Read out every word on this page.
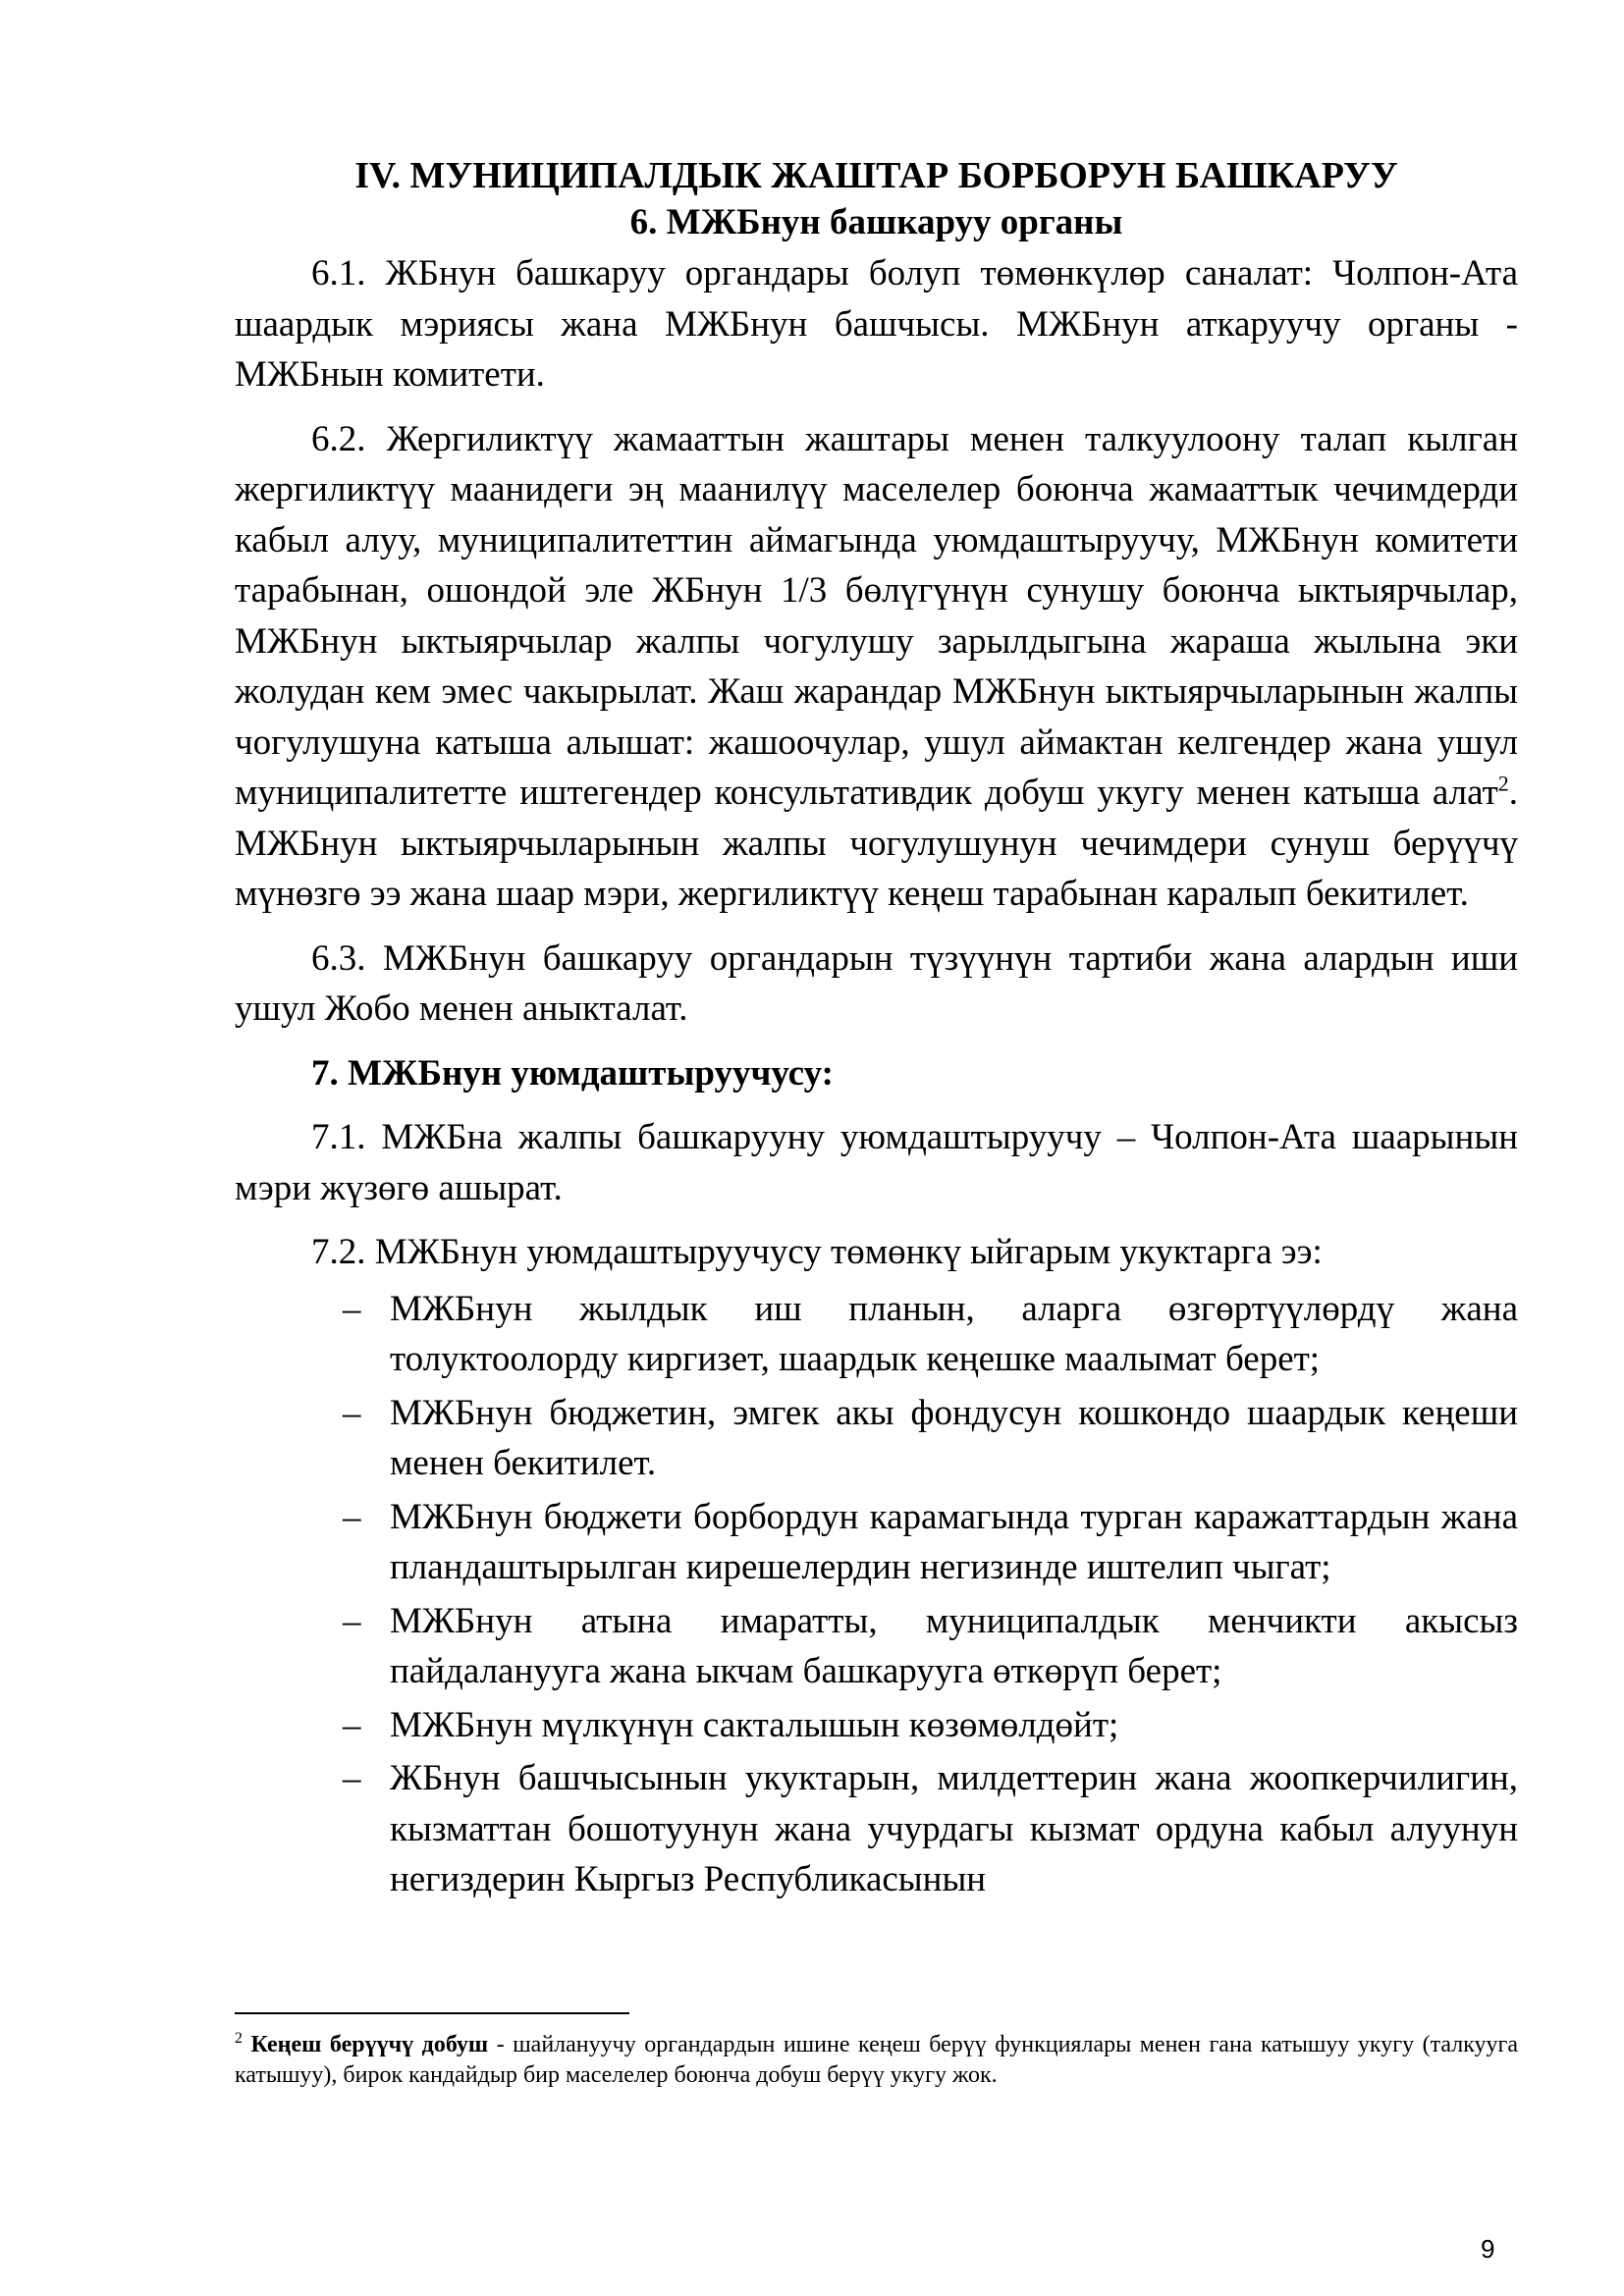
IV. МУНИЦИПАЛДЫК ЖАШТАР БОРБОРУН БАШКАРУУ
6. МЖБнун башкаруу органы

6.1. ЖБнун башкаруу органдары болуп төмөнкүлөр саналат: Чолпон-Ата шаардык мэриясы жана МЖБнун башчысы. МЖБнун аткаруучу органы - МЖБнын комитети.

6.2. Жергиликтүү жамааттын жаштары менен талкуулоону талап кылган жергиликтүү маанидеги эң маанилүү маселелер боюнча жамааттык чечимдерди кабыл алуу, муниципалитеттин аймагында уюмдаштыруучу, МЖБнун комитети тарабынан, ошондой эле ЖБнун 1/3 бөлүгүнүн сунушу боюнча ыктыярчылар, МЖБнун ыктыярчылар жалпы чогулушу зарылдыгына жараша жылына эки жолудан кем эмес чакырылат. Жаш жарандар МЖБнун ыктыярчыларынын жалпы чогулушуна катыша алышат: жашоочулар, ушул аймактан келгендер жана ушул муниципалитетте иштегендер консультативдик добуш укугу менен катыша алат$^2$. МЖБнун ыктыярчыларынын жалпы чогулушунун чечимдери сунуш берүүчү мүнөзгө ээ жана шаар мэри, жергиликтүү кеңеш тарабынан каралып бекитилет.

6.3. МЖБнун башкаруу органдарын түзүүнүн тартиби жана алардын иши ушул Жобо менен аныкталат.

7. МЖБнун уюмдаштыруучусу:

7.1. МЖБна жалпы башкарууну уюмдаштыруучу – Чолпон-Ата шаарынын мэри жүзөгө ашырат.

7.2. МЖБнун уюмдаштыруучусу төмөнкү ыйгарым укуктарга ээ:

– МЖБнун жылдык иш планын, аларга өзгөртүүлөрдү жана толуктоолорду киргизет, шаардык кеңешке маалымат берет;
– МЖБнун бюджетин, эмгек акы фондусун кошкондо шаардык кеңеши менен бекитилет.
– МЖБнун бюджети борбордун карамагында турган каражаттардын жана пландаштырылган кирешелердин негизинде иштелип чыгат;
– МЖБнун атына имаратты, муниципалдык менчикти акысыз пайдаланууга жана ыкчам башкарууга өткөрүп берет;
– МЖБнун мүлкүнүн сакталышын көзөмөлдөйт;
– ЖБнун башчысынын укуктарын, милдеттерин жана жоопкерчилигин, кызматтан бошотуунун жана учурдагы кызмат ордуна кабыл алуунун негиздерин Кыргыз Республикасынын
$^2$ Кеңеш берүүчү добуш - шайлануучу органдардын ишине кеңеш берүү функциялары менен гана катышуу укугу (талкууга катышуу), бирок кандайдыр бир маселелер боюнча добуш берүү укугу жок.
9
